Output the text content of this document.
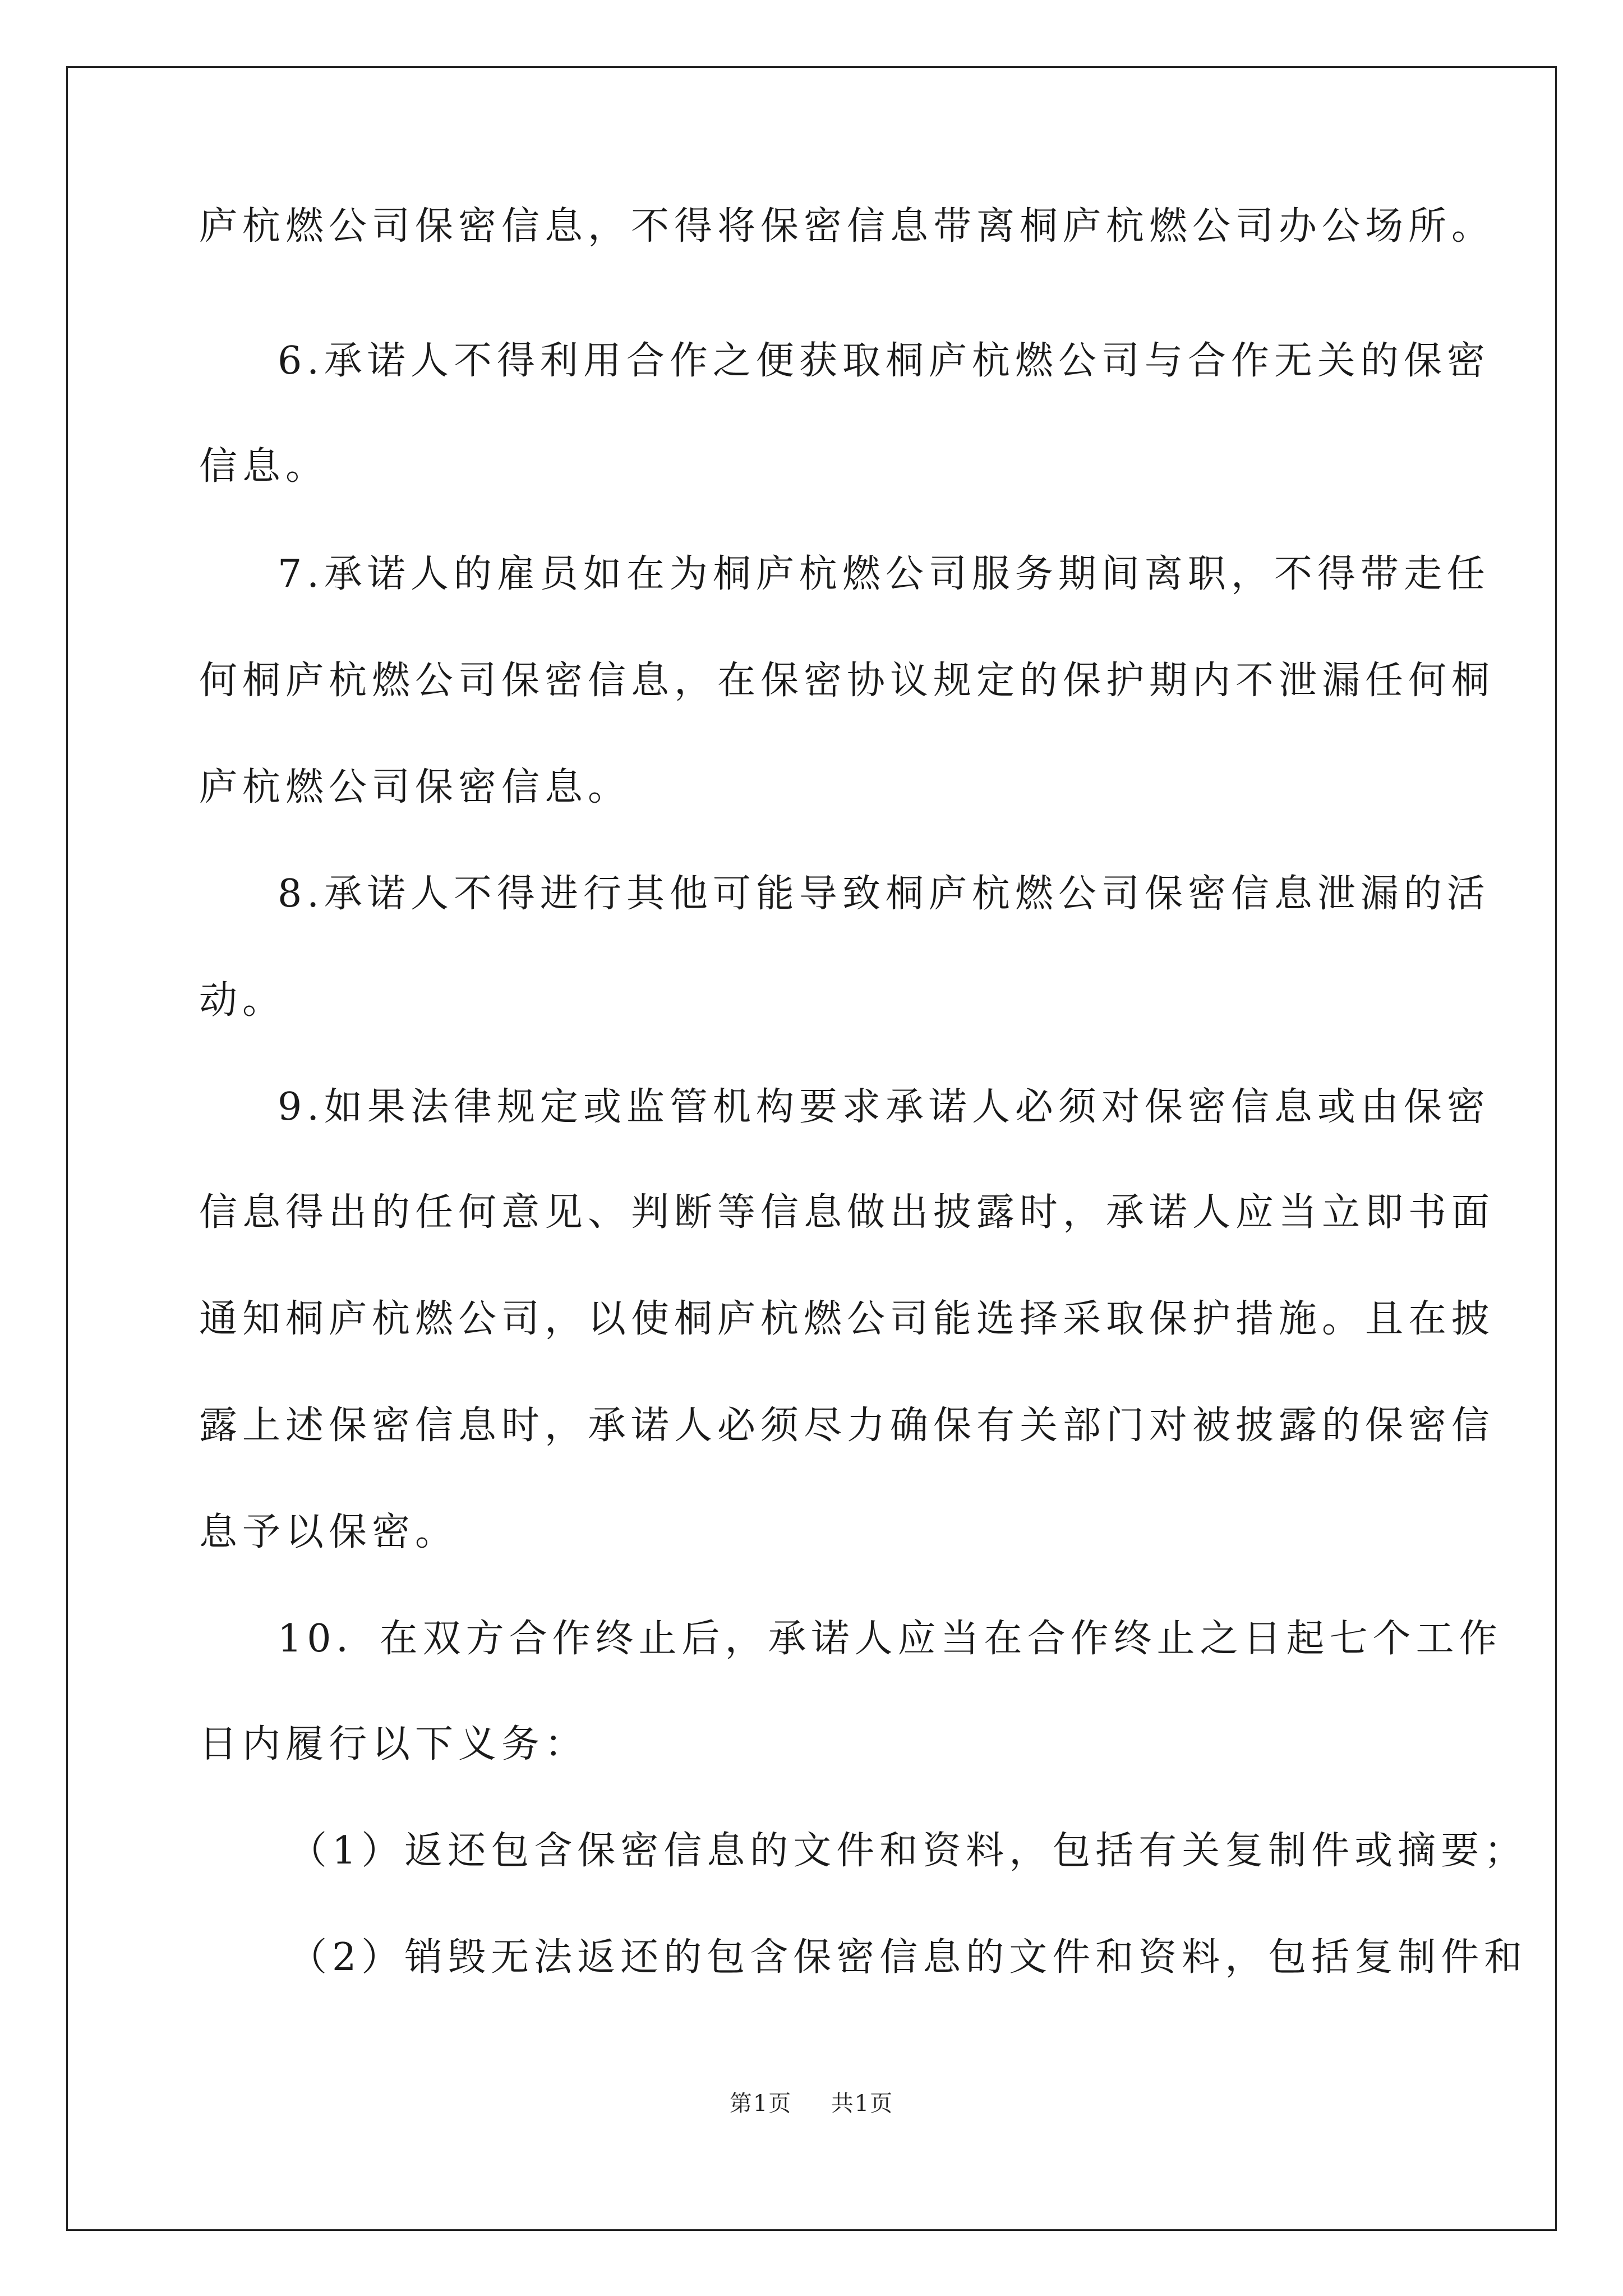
庐杭燃公司保密信息，不得将保密信息带离桐庐杭燃公司办公场所。
6.承诺人不得利用合作之便获取桐庐杭燃公司与合作无关的保密
信息。
7.承诺人的雇员如在为桐庐杭燃公司服务期间离职，不得带走任
何桐庐杭燃公司保密信息，在保密协议规定的保护期内不泄漏任何桐
庐杭燃公司保密信息。
8.承诺人不得进行其他可能导致桐庐杭燃公司保密信息泄漏的活
动。
9.如果法律规定或监管机构要求承诺人必须对保密信息或由保密
信息得出的任何意见、判断等信息做出披露时，承诺人应当立即书面
通知桐庐杭燃公司，以使桐庐杭燃公司能选择采取保护措施。且在披
露上述保密信息时，承诺人必须尽力确保有关部门对被披露的保密信
息予以保密。
10．在双方合作终止后，承诺人应当在合作终止之日起七个工作
日内履行以下义务：
（1）返还包含保密信息的文件和资料，包括有关复制件或摘要；
（2）销毁无法返还的包含保密信息的文件和资料，包括复制件和
第1页 共1页
